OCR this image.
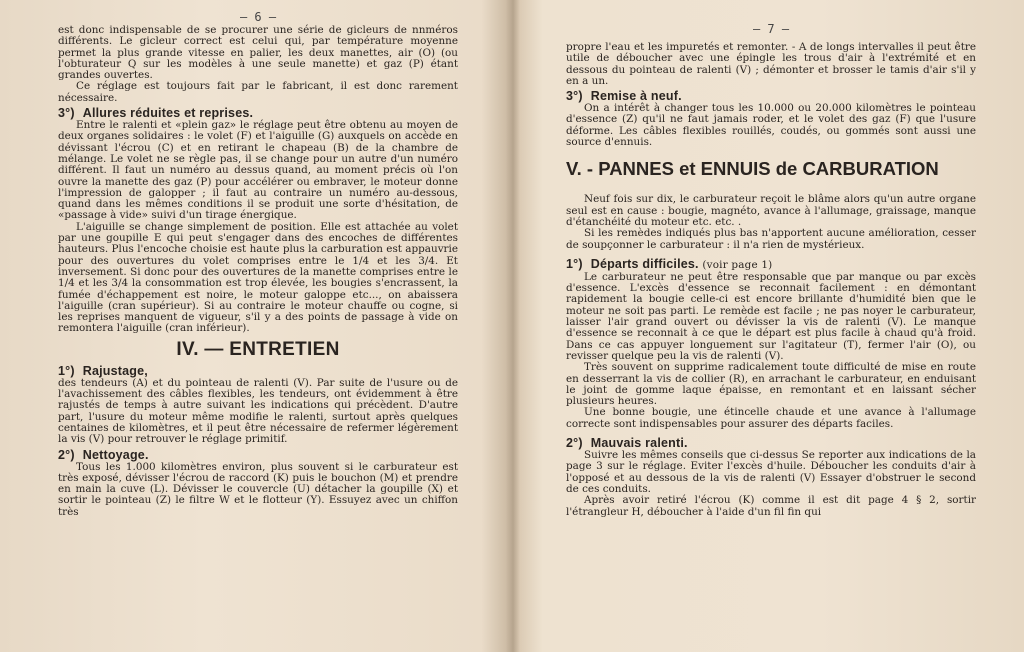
— 6 —

est donc indispensable de se procurer une série de gicleurs de nnméros différents. Le gicleur correct est celui qui, par température moyenne permet la plus grande vitesse en palier, les deux manettes, air (O) (ou l'obturateur Q sur les modèles à une seule manette) et gaz (P) étant grandes ouvertes.

Ce réglage est toujours fait par le fabricant, il est donc rarement nécessaire.

3°) Allures réduites et reprises.

Entre le ralenti et «plein gaz» le réglage peut être obtenu au moyen de deux organes solidaires : le volet (F) et l'aiguille (G) auxquels on accède en dévissant l'écrou (C) et en retirant le chapeau (B) de la chambre de mélange. Le volet ne se règle pas, il se change pour un autre d'un numéro différent. Il faut un numéro au dessus quand, au moment précis où l'on ouvre la manette des gaz (P) pour accélérer ou embraver, le moteur donne l'impression de galopper ; il faut au contraire un numéro au-dessous, quand dans les mêmes conditions il se produit une sorte d'hésitation, de «passage à vide» suivi d'un tirage énergique.

L'aiguille se change simplement de position. Elle est attachée au volet par une goupille E qui peut s'engager dans des encoches de différentes hauteurs. Plus l'encoche choisie est haute plus la carburation est appauvrie pour des ouvertures du volet comprises entre le 1/4 et les 3/4. Et inversement. Si donc pour des ouvertures de la manette comprises entre le 1/4 et les 3/4 la consommation est trop élevée, les bougies s'encrassent, la fumée d'échappement est noire, le moteur galoppe etc..., on abaissera l'aiguille (cran supérieur). Si au contraire le moteur chauffe ou cogne, si les reprises manquent de vigueur, s'il y a des points de passage à vide on remontera l'aiguille (cran inférieur).

IV. — ENTRETIEN
1°) Rajustage,

des tendeurs (A) et du pointeau de ralenti (V). Par suite de l'usure ou de l'avachissement des câbles flexibles, les tendeurs, ont évidemment à être rajustés de temps à autre suivant les indications qui précèdent. D'autre part, l'usure du moteur même modifie le ralenti, surtout après quelques centaines de kilomètres, et il peut être nécessaire de refermer légèrement la vis (V) pour retrouver le réglage primitif.

2°) Nettoyage.

Tous les 1.000 kilomètres environ, plus souvent si le carburateur est très exposé, dévisser l'écrou de raccord (K) puis le bouchon (M) et prendre en main la cuve (L). Dévisser le couvercle (U) détacher la goupille (X) et sortir le pointeau (Z) le filtre W et le flotteur (Y). Essuyez avec un chiffon très

— 7 —

propre l'eau et les impuretés et remonter. - A de longs intervalles il peut être utile de déboucher avec une épingle les trous d'air à l'extrémité et en dessous du pointeau de ralenti (V) ; démonter et brosser le tamis d'air s'il y en a un.

3°) Remise à neuf.

On a intérêt à changer tous les 10.000 ou 20.000 kilomètres le pointeau d'essence (Z) qu'il ne faut jamais roder, et le volet des gaz (F) que l'usure déforme. Les câbles flexibles rouillés, coudés, ou gommés sont aussi une source d'ennuis.

V. - PANNES et ENNUIS de CARBURATION

Neuf fois sur dix, le carburateur reçoit le blâme alors qu'un autre organe seul est en cause : bougie, magnéto, avance à l'allumage, graissage, manque d'étanchéité du moteur etc. etc. .

Si les remèdes indiqués plus bas n'apportent aucune amélioration, cesser de soupçonner le carburateur : il n'a rien de mystérieux.

1°) Départs difficiles. (voir page 1)

Le carburateur ne peut être responsable que par manque ou par excès d'essence. L'excès d'essence se reconnait facilement : en démontant rapidement la bougie celle-ci est encore brillante d'humidité bien que le moteur ne soit pas parti. Le remède est facile ; ne pas noyer le carburateur, laisser l'air grand ouvert ou dévisser la vis de ralenti (V). Le manque d'essence se reconnait à ce que le départ est plus facile à chaud qu'à froid. Dans ce cas appuyer longuement sur l'agitateur (T), fermer l'air (O), ou revisser quelque peu la vis de ralenti (V).

Très souvent on supprime radicalement toute difficulté de mise en route en desserrant la vis de collier (R), en arrachant le carburateur, en enduisant le joint de gomme laque épaisse, en remontant et en laissant sécher plusieurs heures.

Une bonne bougie, une étincelle chaude et une avance à l'allumage correcte sont indispensables pour assurer des départs faciles.

2°) Mauvais ralenti.

Suivre les mêmes conseils que ci-dessus Se reporter aux indications de la page 3 sur le réglage. Eviter l'excès d'huile. Déboucher les conduits d'air à l'opposé et au dessous de la vis de ralenti (V) Essayer d'obstruer le second de ces conduits.

Après avoir retiré l'écrou (K) comme il est dit page 4 § 2, sortir l'étrangleur H, déboucher à l'aide d'un fil fin qui
